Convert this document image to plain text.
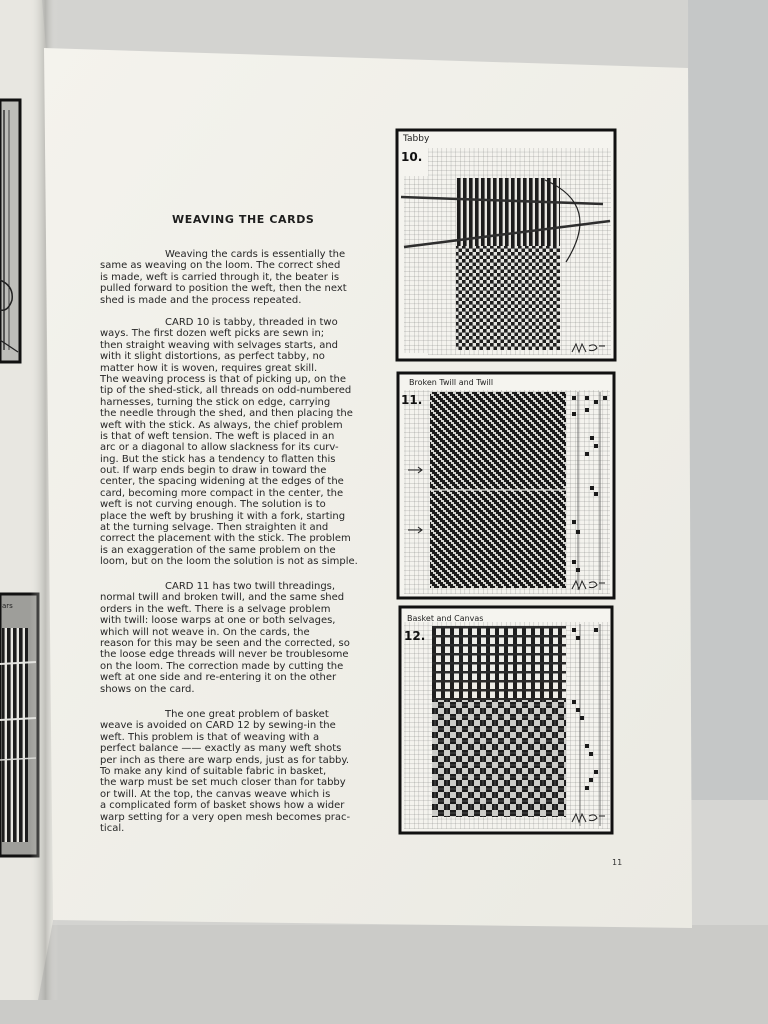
ars
Tabby
10.
Broken Twill and Twill
11.
Basket and Canvas
12.
WEAVING THE CARDS
Weaving the cards is essentially the
same as weaving on the loom. The correct shed
is made, weft is carried through it, the beater is
pulled forward to position the weft, then the next
shed is made and the process repeated.
CARD 10 is tabby, threaded in two
ways. The first dozen weft picks are sewn in;
then straight weaving with selvages starts, and
with it slight distortions, as perfect tabby, no
matter how it is woven, requires great skill.
The weaving process is that of picking up, on the
tip of the shed-stick, all threads on odd-numbered
harnesses, turning the stick on edge, carrying
the needle through the shed, and then placing the
weft with the stick. As always, the chief problem
is that of weft tension. The weft is placed in an
arc or a diagonal to allow slackness for its curv-
ing. But the stick has a tendency to flatten this
out. If warp ends begin to draw in toward the
center, the spacing widening at the edges of the
card, becoming more compact in the center, the
weft is not curving enough. The solution is to
place the weft by brushing it with a fork, starting
at the turning selvage. Then straighten it and
correct the placement with the stick. The problem
is an exaggeration of the same problem on the
loom, but on the loom the solution is not as simple.
CARD 11 has two twill threadings,
normal twill and broken twill, and the same shed
orders in the weft. There is a selvage problem
with twill: loose warps at one or both selvages,
which will not weave in. On the cards, the
reason for this may be seen and the corrected, so
the loose edge threads will never be troublesome
on the loom. The correction made by cutting the
weft at one side and re-entering it on the other
shows on the card.
The one great problem of basket
weave is avoided on CARD 12 by sewing-in the
weft. This problem is that of weaving with a
perfect balance —— exactly as many weft shots
per inch as there are warp ends, just as for tabby.
To make any kind of suitable fabric in basket,
the warp must be set much closer than for tabby
or twill. At the top, the canvas weave which is
a complicated form of basket shows how a wider
warp setting for a very open mesh becomes prac-
tical.
11
